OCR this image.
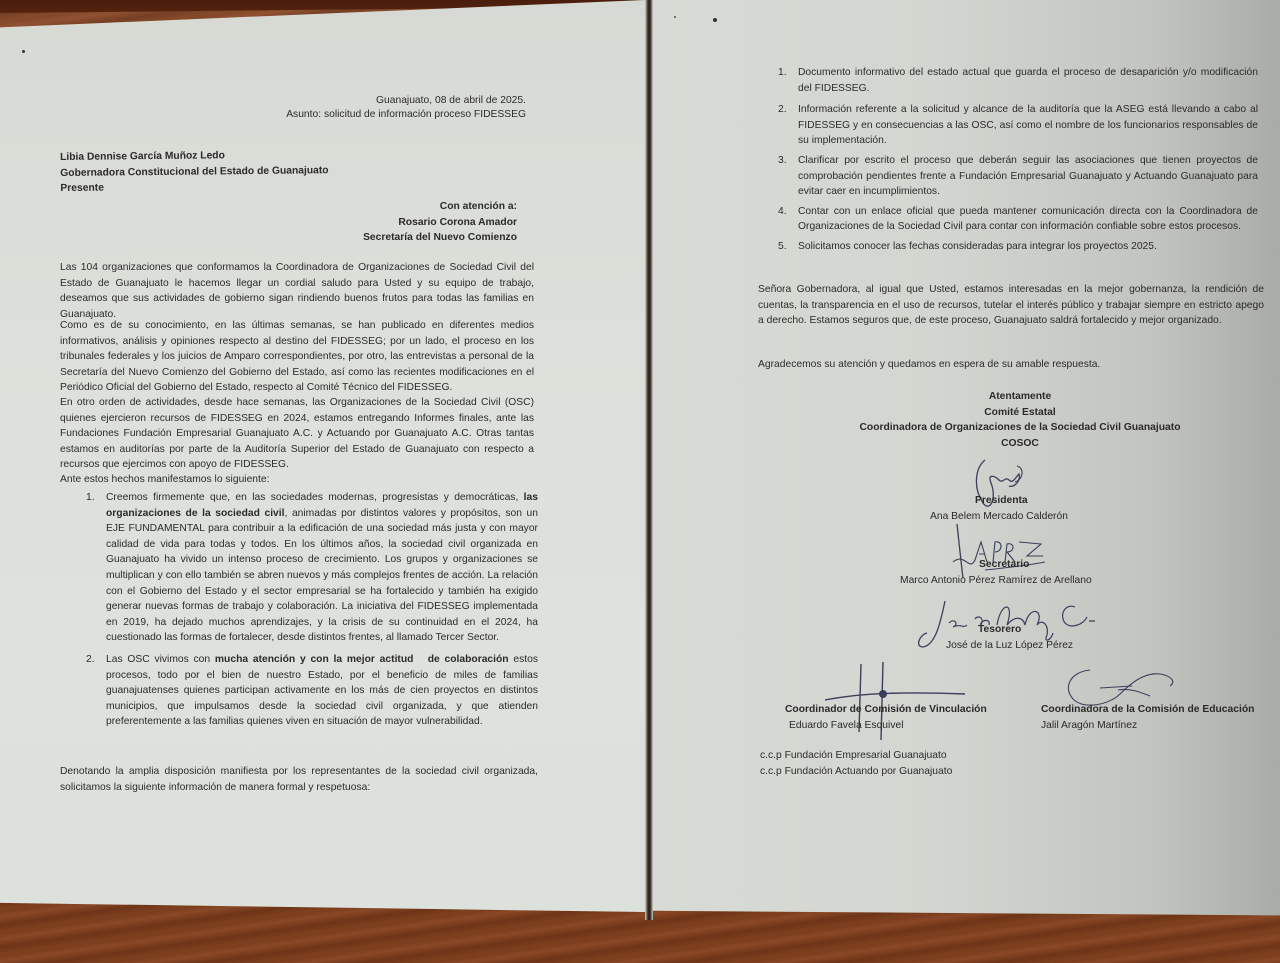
Guanajuato, 08 de abril de 2025.
Asunto: solicitud de información proceso FIDESSEG
Libia Dennise García Muñoz Ledo
Gobernadora Constitucional del Estado de Guanajuato
Presente
Con atención a:
Rosario Corona Amador
Secretaría del Nuevo Comienzo
Las 104 organizaciones que conformamos la Coordinadora de Organizaciones de Sociedad Civil del Estado de Guanajuato le hacemos llegar un cordial saludo para Usted y su equipo de trabajo, deseamos que sus actividades de gobierno sigan rindiendo buenos frutos para todas las familias en Guanajuato.
Como es de su conocimiento, en las últimas semanas, se han publicado en diferentes medios informativos, análisis y opiniones respecto al destino del FIDESSEG; por un lado, el proceso en los tribunales federales y los juicios de Amparo correspondientes, por otro, las entrevistas a personal de la Secretaría del Nuevo Comienzo del Gobierno del Estado, así como las recientes modificaciones en el Periódico Oficial del Gobierno del Estado, respecto al Comité Técnico del FIDESSEG.
En otro orden de actividades, desde hace semanas, las Organizaciones de la Sociedad Civil (OSC) quienes ejercieron recursos de FIDESSEG en 2024, estamos entregando Informes finales, ante las Fundaciones Fundación Empresarial Guanajuato A.C. y Actuando por Guanajuato A.C. Otras tantas estamos en auditorías por parte de la Auditoría Superior del Estado de Guanajuato con respecto a recursos que ejercimos con apoyo de FIDESSEG.
Ante estos hechos manifestamos lo siguiente:
1. Creemos firmemente que, en las sociedades modernas, progresistas y democráticas, las organizaciones de la sociedad civil, animadas por distintos valores y propósitos, son un EJE FUNDAMENTAL para contribuir a la edificación de una sociedad más justa y con mayor calidad de vida para todas y todos. En los últimos años, la sociedad civil organizada en Guanajuato ha vivido un intenso proceso de crecimiento. Los grupos y organizaciones se multiplican y con ello también se abren nuevos y más complejos frentes de acción. La relación con el Gobierno del Estado y el sector empresarial se ha fortalecido y también ha exigido generar nuevas formas de trabajo y colaboración. La iniciativa del FIDESSEG implementada en 2019, ha dejado muchos aprendizajes, y la crisis de su continuidad en el 2024, ha cuestionado las formas de fortalecer, desde distintos frentes, al llamado Tercer Sector.
2. Las OSC vivimos con mucha atención y con la mejor actitud   de colaboración estos procesos, todo por el bien de nuestro Estado, por el beneficio de miles de familias guanajuatenses quienes participan activamente en los más de cien proyectos en distintos municipios, que impulsamos desde la sociedad civil organizada, y que atienden preferentemente a las familias quienes viven en situación de mayor vulnerabilidad.
Denotando la amplia disposición manifiesta por los representantes de la sociedad civil organizada, solicitamos la siguiente información de manera formal y respetuosa:
1. Documento informativo del estado actual que guarda el proceso de desaparición y/o modificación del FIDESSEG.
2. Información referente a la solicitud y alcance de la auditoría que la ASEG está llevando a cabo al FIDESSEG y en consecuencias a las OSC, así como el nombre de los funcionarios responsables de su implementación.
3. Clarificar por escrito el proceso que deberán seguir las asociaciones que tienen proyectos de comprobación pendientes frente a Fundación Empresarial Guanajuato y Actuando Guanajuato para evitar caer en incumplimientos.
4. Contar con un enlace oficial que pueda mantener comunicación directa con la Coordinadora de Organizaciones de la Sociedad Civil para contar con información confiable sobre estos procesos.
5. Solicitamos conocer las fechas consideradas para integrar los proyectos 2025.
Señora Gobernadora, al igual que Usted, estamos interesadas en la mejor gobernanza, la rendición de cuentas, la transparencia en el uso de recursos, tutelar el interés público y trabajar siempre en estricto apego a derecho. Estamos seguros que, de este proceso, Guanajuato saldrá fortalecido y mejor organizado.
Agradecemos su atención y quedamos en espera de su amable respuesta.
Atentamente
Comité Estatal
Coordinadora de Organizaciones de la Sociedad Civil Guanajuato
COSOC
Presidenta
Ana Belem Mercado Calderón
Secretario
Marco Antonio Pérez Ramírez de Arellano
Tesorero
José de la Luz López Pérez
Coordinador de Comisión de Vinculación
Eduardo Favela Esquivel
Coordinadora de la Comisión de Educación
Jalil Aragón Martínez
c.c.p Fundación Empresarial Guanajuato
c.c.p Fundación Actuando por Guanajuato
